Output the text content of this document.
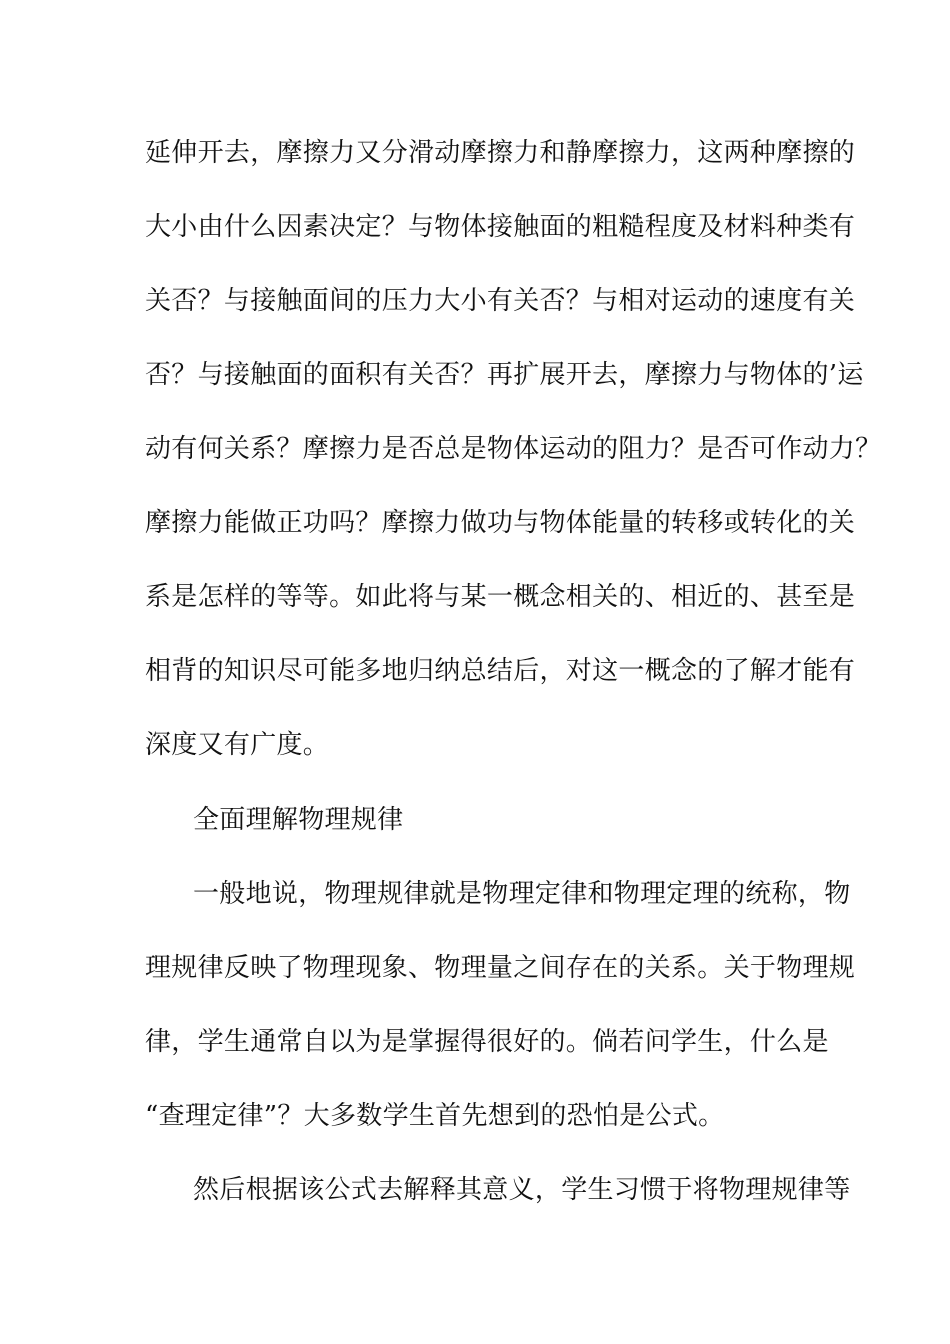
延伸开去，摩擦力又分滑动摩擦力和静摩擦力，这两种摩擦的
大小由什么因素决定？与物体接触面的粗糙程度及材料种类有
关否？与接触面间的压力大小有关否？与相对运动的速度有关
否？与接触面的面积有关否？再扩展开去，摩擦力与物体的’运
动有何关系？摩擦力是否总是物体运动的阻力？是否可作动力？
摩擦力能做正功吗？摩擦力做功与物体能量的转移或转化的关
系是怎样的等等。如此将与某一概念相关的、相近的、甚至是
相背的知识尽可能多地归纳总结后，对这一概念的了解才能有
深度又有广度。
全面理解物理规律
一般地说，物理规律就是物理定律和物理定理的统称，物
理规律反映了物理现象、物理量之间存在的关系。关于物理规
律，学生通常自以为是掌握得很好的。倘若问学生，什么是
“查理定律”？大多数学生首先想到的恐怕是公式。
然后根据该公式去解释其意义，学生习惯于将物理规律等
